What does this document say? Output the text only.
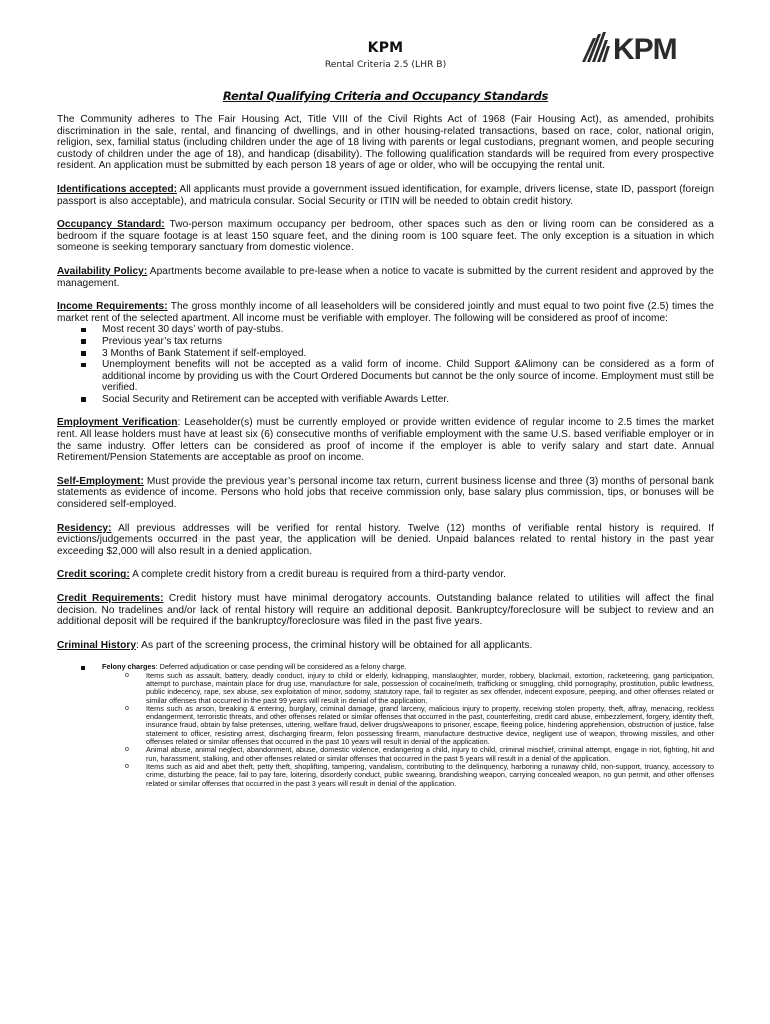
KPM
KPM
Rental Criteria 2.5 (LHR B)
Rental Qualifying Criteria and Occupancy Standards

The Community adheres to The Fair Housing Act, Title VIII of the Civil Rights Act of 1968 (Fair Housing Act), as amended, prohibits discrimination in the sale, rental, and financing of dwellings, and in other housing-related transactions, based on race, color, national origin, religion, sex, familial status (including children under the age of 18 living with parents or legal custodians, pregnant women, and people securing custody of children under the age of 18), and handicap (disability). The following qualification standards will be required from every prospective resident. An application must be submitted by each person 18 years of age or older, who will be occupying the rental unit.

Identifications accepted: All applicants must provide a government issued identification, for example, drivers license, state ID, passport (foreign passport is also acceptable), and matricula consular. Social Security or ITIN will be needed to obtain credit history.

Occupancy Standard: Two-person maximum occupancy per bedroom, other spaces such as den or living room can be considered as a bedroom if the square footage is at least 150 square feet, and the dining room is 100 square feet. The only exception is a situation in which someone is seeking temporary sanctuary from domestic violence.

Availability Policy: Apartments become available to pre-lease when a notice to vacate is submitted by the current resident and approved by the management.

Income Requirements: The gross monthly income of all leaseholders will be considered jointly and must equal to two point five (2.5) times the market rent of the selected apartment. All income must be verifiable with employer. The following will be considered as proof of income:

Most recent 30 days’ worth of pay-stubs.
Previous year’s tax returns
3 Months of Bank Statement if self-employed.
Unemployment benefits will not be accepted as a valid form of income. Child Support &Alimony can be considered as a form of additional income by providing us with the Court Ordered Documents but cannot be the only source of income. Employment must still be verified.
Social Security and Retirement can be accepted with verifiable Awards Letter.

Employment Verification: Leaseholder(s) must be currently employed or provide written evidence of regular income to 2.5 times the market rent. All lease holders must have at least six (6) consecutive months of verifiable employment with the same U.S. based verifiable employer or in the same industry. Offer letters can be considered as proof of income if the employer is able to verify salary and start date. Annual Retirement/Pension Statements are acceptable as proof on income.

Self-Employment: Must provide the previous year’s personal income tax return, current business license and three (3) months of personal bank statements as evidence of income. Persons who hold jobs that receive commission only, base salary plus commission, tips, or bonuses will be considered self-employed.

Residency: All previous addresses will be verified for rental history. Twelve (12) months of verifiable rental history is required. If evictions/judgements occurred in the past year, the application will be denied. Unpaid balances related to rental history in the past year exceeding $2,000 will also result in a denied application.

Credit scoring: A complete credit history from a credit bureau is required from a third-party vendor.

Credit Requirements: Credit history must have minimal derogatory accounts. Outstanding balance related to utilities will affect the final decision. No tradelines and/or lack of rental history will require an additional deposit. Bankruptcy/foreclosure will be subject to review and an additional deposit will be required if the bankruptcy/foreclosure was filed in the past five years.

Criminal History: As part of the screening process, the criminal history will be obtained for all applicants.

Felony charges: Deferred adjudication or case pending will be considered as a felony charge.
o Items such as assault, battery, deadly conduct, injury to child or elderly, kidnapping, manslaughter, murder, robbery, blackmail, extortion, racketeering, gang participation, attempt to purchase, maintain place for drug use, manufacture for sale, possession of cocaine/meth, trafficking or smuggling, child pornography, prostitution, public lewdness, public indecency, rape, sex abuse, sex exploitation of minor, sodomy, statutory rape, fail to register as sex offender, indecent exposure, peeping, and other offenses related or similar offenses that occurred in the past 99 years will result in denial of the application.
o Items such as arson, breaking & entering, burglary, criminal damage, grand larceny, malicious injury to property, receiving stolen property, theft, affray, menacing, reckless endangerment, terroristic threats, and other offenses related or similar offenses that occurred in the past, counterfeiting, credit card abuse, embezzlement, forgery, identity theft, insurance fraud, obtain by false pretenses, uttering, welfare fraud, deliver drugs/weapons to prisoner, escape, fleeing police, hindering apprehension, obstruction of justice, false statement to officer, resisting arrest, discharging firearm, felon possessing firearm, manufacture destructive device, negligent use of weapon, throwing missiles, and other offenses related or similar offenses that occurred in the past 10 years will result in denial of the application.
o Animal abuse, animal neglect, abandonment, abuse, domestic violence, endangering a child, injury to child, criminal mischief, criminal attempt, engage in riot, fighting, hit and run, harassment, stalking, and other offenses related or similar offenses that occurred in the past 5 years will result in a denial of the application.
o Items such as aid and abet theft, petty theft, shoplifting, tampering, vandalism, contributing to the delinquency, harboring a runaway child, non-support, truancy, accessory to crime, disturbing the peace, fail to pay fare, loitering, disorderly conduct, public swearing, brandishing weapon, carrying concealed weapon, no gun permit, and other offenses related or similar offenses that occurred in the past 3 years will result in denial of the application.
